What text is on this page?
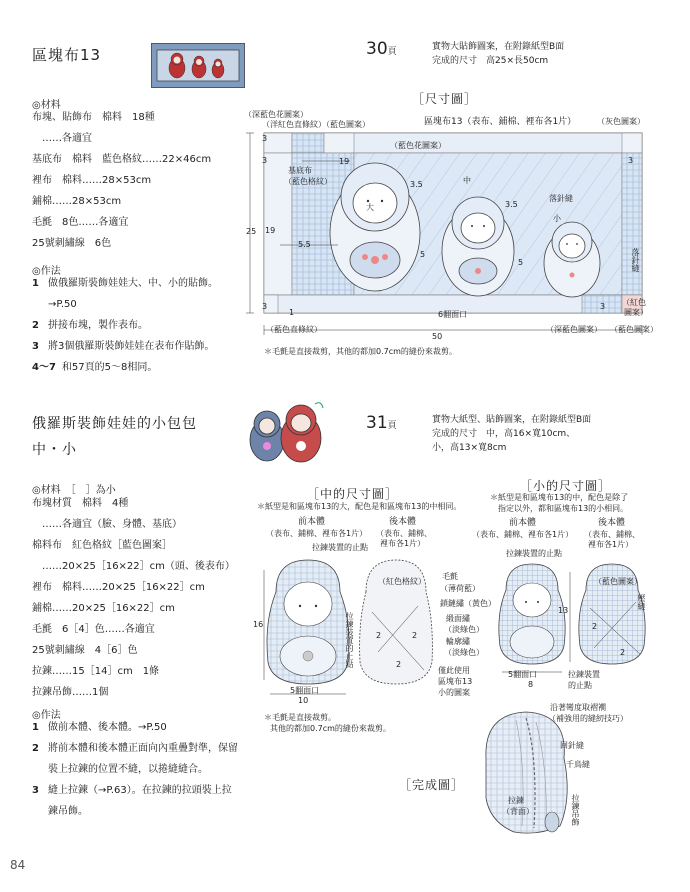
區塊布13	30頁	實物大貼飾圖案，在附錄紙型B面
完成的尺寸　高25×長50cm
◎材料
布塊、貼飾布　棉料　18種
……各適宜
基底布　棉料　藍色格紋……22×46cm
裡布　棉料……28×53cm
鋪棉……28×53cm
毛氈　8色……各適宜
25號刺繡線　6色
◎作法
1 做俄羅斯裝飾娃娃大、中、小的貼飾。
→P.50
2 拼接布塊，製作表布。
3 將3個俄羅斯裝飾娃娃在表布作貼飾。
4～7 和57頁的5～8相同。
［尺寸圖］
（深藍色花圖案）
（洋紅色直條紋）（藍色圖案）	區塊布13（表布、鋪棉、裡布各1片）	（灰色圖案）
25
50
3
3	3
3	3
19
19
3.5
3.5
5.5
5
5
1
（藍色花圖案）
基底布
（藍色格紋）
大
中
小
落針縫
落針縫
6翻面口
（紅色
圖案）
（藍色直條紋）	（深藍色圖案） （藍色圖案）
＊毛氈是直接裁剪，其他的都加0.7cm的縫份來裁剪。
俄羅斯裝飾娃娃的小包包
中・小
31頁
實物大紙型、貼飾圖案，在附錄紙型B面
完成的尺寸　中，高16×寬10cm、
小，高13×寬8cm
◎材料　［　］為小
布塊材質　棉料　4種
……各適宜（臉、身體、基底）
棉料布　紅色格紋［藍色圖案］
……20×25［16×22］cm（頭、後表布）
裡布　棉料……20×25［16×22］cm
鋪棉……20×25［16×22］cm
毛氈　6［4］色……各適宜
25號刺繡線　4［6］色
拉鍊……15［14］cm　1條
拉鍊吊飾……1個
◎作法
1 做前本體、後本體。→P.50
2 將前本體和後本體正面向內重疊對準，保留
裝上拉鍊的位置不縫，以捲縫縫合。
3 縫上拉鍊（→P.63）。在拉鍊的拉頭裝上拉
鍊吊飾。
［中的尺寸圖］
＊紙型是和區塊布13的大，配色是和區塊布13的中相同。
前本體
（表布、鋪棉、裡布各1片）
後本體
（表布、鋪棉、
裡布各1片）
拉鍊裝置的止點
16
10
5翻面口
（紅色格紋）
拉鍊裝置的止點	2	2
2
＊毛氈是直接裁剪。
其他的都加0.7cm的縫份來裁剪。
毛氈
（薄荷藍）
鎖鏈繡（黃色）
緞面繡
（淡綠色）
輪廓繡
（淡綠色）
僅此使用
區塊布13
小的圖案
［小的尺寸圖］
＊紙型是和區塊布13的中，配色是除了
指定以外，都和區塊布13的小相同。
前本體
（表布、鋪棉、裡布各1片）
後本體
（表布、鋪棉、
裡布各1片）
拉鍊裝置的止點
（藍色圖案）
13
8
2
2
5翻面口	拉鍊裝置
的止點
壓縫
［完成圖］
沿著彎度取褶襉
（補強用的縫紉技巧）
回針縫
千鳥縫
拉鍊
（背面）	拉鍊吊飾
84
